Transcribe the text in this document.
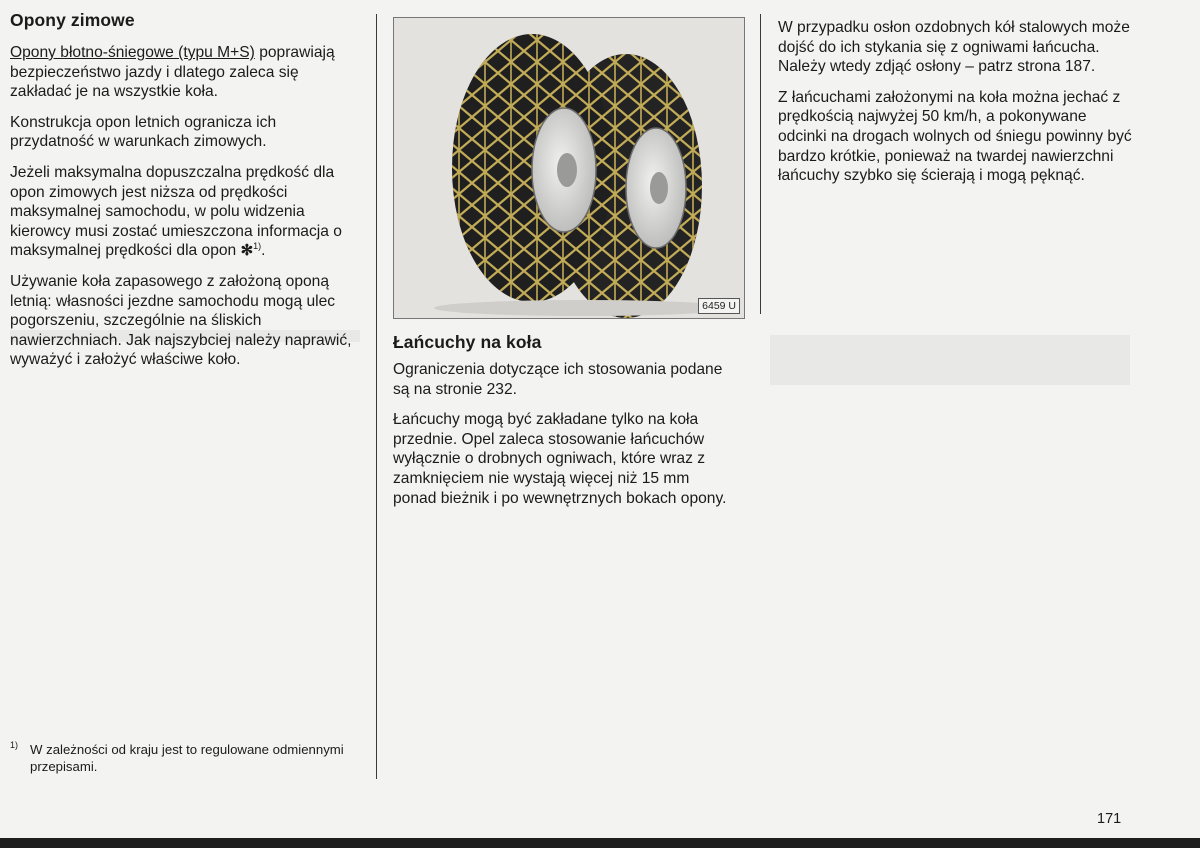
Opony zimowe

Opony błotno-śniegowe (typu M+S) poprawiają bezpieczeństwo jazdy i dlatego zaleca się zakładać je na wszystkie koła.

Konstrukcja opon letnich ogranicza ich przydatność w warunkach zimowych.

Jeżeli maksymalna dopuszczalna prędkość dla opon zimowych jest niższa od prędkości maksymalnej samochodu, w polu widzenia kierowcy musi zostać umieszczona informacja o maksymalnej prędkości dla opon ✻$^{1)}$.

Używanie koła zapasowego z założoną oponą letnią: własności jezdne samochodu mogą ulec pogorszeniu, szczególnie na śliskich nawierzchniach. Jak najszybciej należy naprawić, wyważyć i założyć właściwe koło.

1) W zależności od kraju jest to regulowane odmiennymi przepisami.
6459 U
Łańcuchy na koła

Ograniczenia dotyczące ich stosowania podane są na stronie 232.

Łańcuchy mogą być zakładane tylko na koła przednie. Opel zaleca stosowanie łańcuchów wyłącznie o drobnych ogniwach, które wraz z zamknięciem nie wystają więcej niż 15 mm ponad bieżnik i po wewnętrznych bokach opony.

W przypadku osłon ozdobnych kół stalowych może dojść do ich stykania się z ogniwami łańcucha. Należy wtedy zdjąć osłony – patrz strona 187.

Z łańcuchami założonymi na koła można jechać z prędkością najwyżej 50 km/h, a pokonywane odcinki na drogach wolnych od śniegu powinny być bardzo krótkie, ponieważ na twardej nawierzchni łańcuchy szybko się ścierają i mogą pęknąć.

171
